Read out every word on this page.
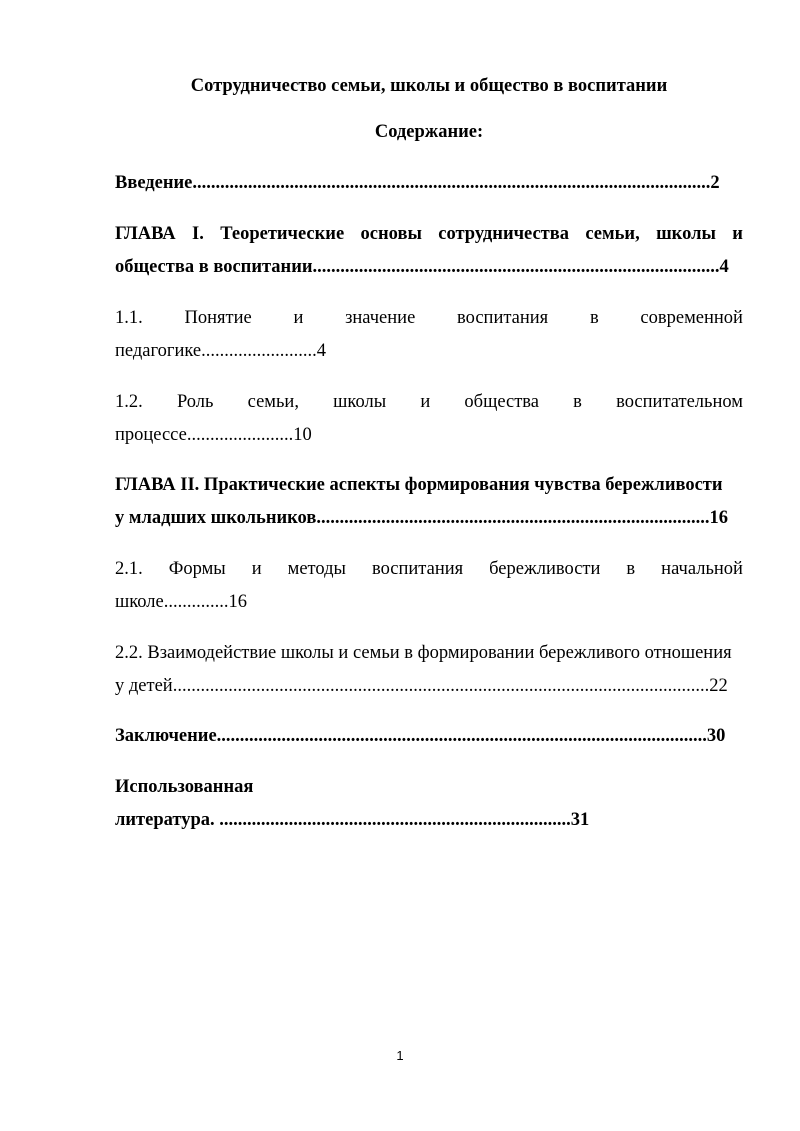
Сотрудничество семьи, школы и общество в воспитании
Содержание:
Введение................................................................................................................2
ГЛАВА I. Теоретические основы сотрудничества семьи, школы и
общества в воспитании........................................................................................4
1.1. Понятие и значение воспитания в современной
педагогике.........................4
1.2. Роль семьи, школы и общества в воспитательном
процессе.......................10
ГЛАВА II. Практические аспекты формирования чувства бережливости
у младших школьников.....................................................................................16
2.1. Формы и методы воспитания бережливости в начальной
школе..............16
2.2. Взаимодействие школы и семьи в формировании бережливого отношения
у детей....................................................................................................................22
Заключение..........................................................................................................30
Использованная
литература. ............................................................................31
1
